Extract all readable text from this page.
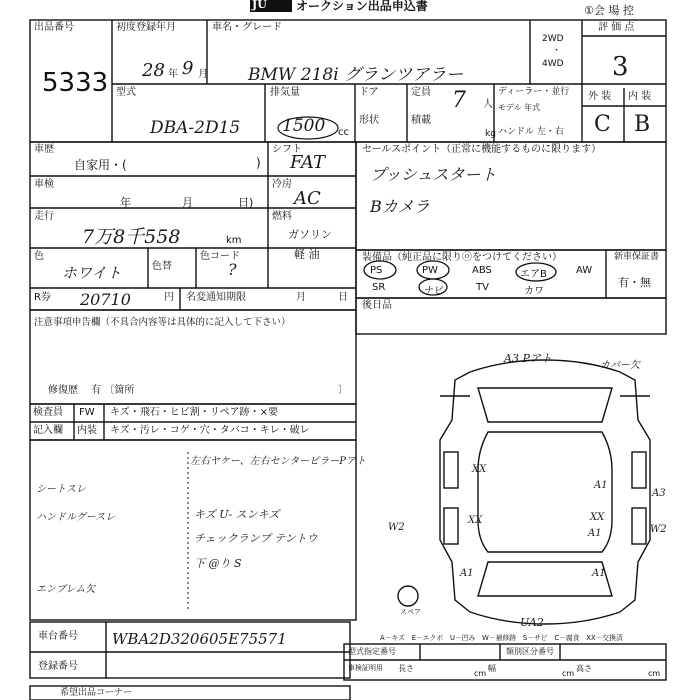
JU オークション出品申込書	①会 場 控
出品番号
5333
初度登録年月
28 年 9 月
車名・グレード
BMW 218i グランツアラー
2WD
・
4WD
評 価 点
3
型式
DBA-2D15
排気量
1500 cc
ドア
形状
定員 7 人
積載
kg
ディーラー・並行
モデル 年式
ハンドル 左・右
外 装 内 装
C B
車歴
自家用・(	)
シフト
FAT
車検
年	月	日)
冷房
AC
走行
7万8千558	km
燃料
ガソリン
軽 油
色
ホワイト	色替
色コード
?
R券 20710	円 名変通知期限	月	日
セールスポイント（正常に機能するものに限ります）
プッシュスタート
Bカメラ
装備品（純正品に限りⓞをつけてください）
PS	PW	ABS	エアB	AW
SR	ナビ	TV	カワ
新車保証書
有・無
後日品
注意事項申告欄（不具合内容等は具体的に記入して下さい）
修復歴　 有 〔箇所	〕
検査員
記入欄
FW
内装
キズ・飛石・ヒビ割・リペア跡・×要
キズ・汚レ・コゲ・穴・タバコ・キレ・破レ
左右ヤケー、左右センターピラーPアト
シートスレ
ハンドルグースレ	キズ U- スンキズ
チェックランプ テントウ
下 @り S
エンブレム欠
車台番号 WBA2D320605E75571
登録番号
A－キズ　E－エクボ　U－凹み　W－補修跡　S－サビ　C－腐食　XX－交換済
型式指定番号	類別区分番号
車検証明用 長さ
cm
幅
cm
高さ
cm
希望出品コーナー
スペア
A3 Pアト
カバー欠
XX
XX	XX
A1
A1
A1
A1
A3
W2	W2
UA2
